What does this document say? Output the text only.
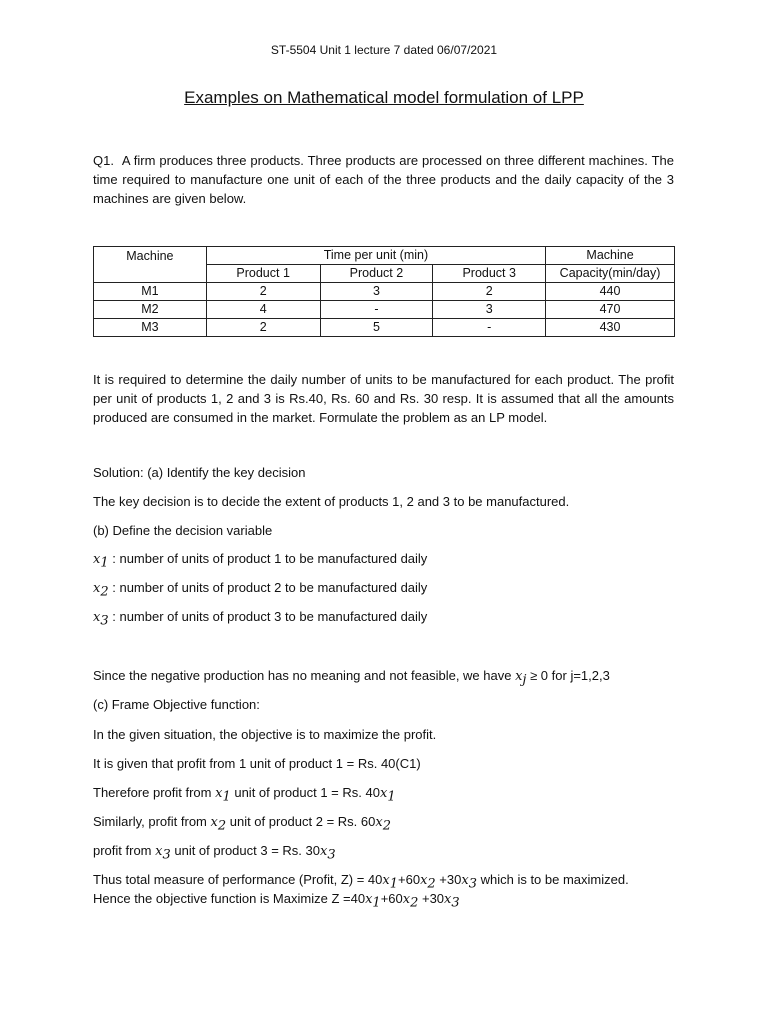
ST-5504 Unit 1 lecture 7 dated 06/07/2021
Examples on Mathematical model formulation of LPP
Q1. A firm produces three products. Three products are processed on three different machines. The time required to manufacture one unit of each of the three products and the daily capacity of the 3 machines are given below.
Machine	Time per unit (min)			Machine
	Product 1	Product 2	Product 3	Capacity(min/day)
M1	2	3	2	440
M2	4	-	3	470
M3	2	5	-	430
It is required to determine the daily number of units to be manufactured for each product. The profit per unit of products 1, 2 and 3 is Rs.40, Rs. 60 and Rs. 30 resp. It is assumed that all the amounts produced are consumed in the market. Formulate the problem as an LP model.
Solution: (a) Identify the key decision
The key decision is to decide the extent of products 1, 2 and 3 to be manufactured.
(b) Define the decision variable
$x_1$ : number of units of product 1 to be manufactured daily
$x_2$ : number of units of product 2 to be manufactured daily
$x_3$ : number of units of product 3 to be manufactured daily
Since the negative production has no meaning and not feasible, we have $x_j \ge 0$ for j=1,2,3
(c) Frame Objective function:
In the given situation, the objective is to maximize the profit.
It is given that profit from 1 unit of product 1 = Rs. 40(C1)
Therefore profit from $x_1$ unit of product 1 = Rs. $40x_1$
Similarly, profit from $x_2$ unit of product 2 = Rs. $60x_2$
profit from $x_3$ unit of product 3 = Rs. $30x_3$
Thus total measure of performance (Profit, $Z) = 40x_1+60x_2 +30x_3$ which is to be maximized.
Hence the objective function is Maximize $Z =40x_1+60x_2 +30x_3$
